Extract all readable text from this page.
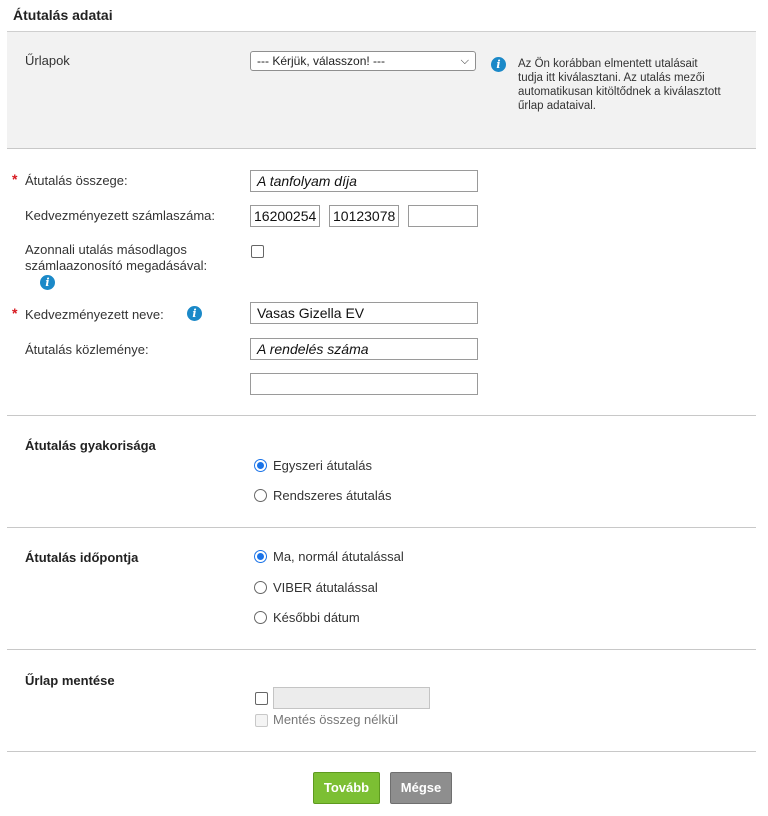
Átutalás adatai
Űrlapok	--- Kérjük, válasszon! ---	⌵	i	Az Ön korábban elmentett utalásait
tudja itt kiválasztani. Az utalás mezői
automatikusan kitöltődnek a kiválasztott
űrlap adataival.
* Átutalás összege:	A tanfolyam díja
Kedvezményezett számlaszáma:	16200254 10123078
Azonnali utalás másodlagos
számlaazonosító megadásával:
i
* Kedvezményezett neve:	i	Vasas Gizella EV
Átutalás közleménye:	A rendelés száma
Átutalás gyakorisága
Egyszeri átutalás
Rendszeres átutalás
Átutalás időpontja	Ma, normál átutalással
VIBER átutalással
Későbbi dátum
Űrlap mentése
Mentés összeg nélkül
Tovább	Mégse
